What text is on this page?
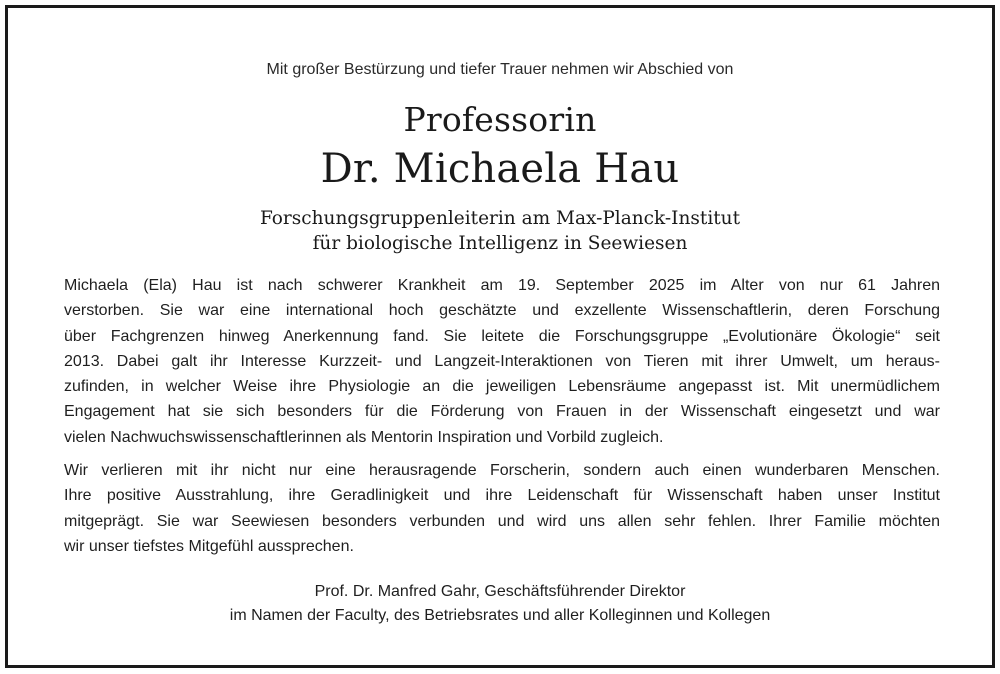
Mit großer Bestürzung und tiefer Trauer nehmen wir Abschied von
Professorin
Dr. Michaela Hau
Forschungsgruppenleiterin am Max-Planck-Institut
für biologische Intelligenz in Seewiesen
Michaela (Ela) Hau ist nach schwerer Krankheit am 19. September 2025 im Alter von nur 61 Jahren
verstorben. Sie war eine international hoch geschätzte und exzellente Wissenschaftlerin, deren Forschung
über Fachgrenzen hinweg Anerkennung fand. Sie leitete die Forschungsgruppe „Evolutionäre Ökologie“ seit
2013. Dabei galt ihr Interesse Kurzzeit- und Langzeit-Interaktionen von Tieren mit ihrer Umwelt, um heraus-
zufinden, in welcher Weise ihre Physiologie an die jeweiligen Lebensräume angepasst ist. Mit unermüdlichem
Engagement hat sie sich besonders für die Förderung von Frauen in der Wissenschaft eingesetzt und war
vielen Nachwuchswissenschaftlerinnen als Mentorin Inspiration und Vorbild zugleich.
Wir verlieren mit ihr nicht nur eine herausragende Forscherin, sondern auch einen wunderbaren Menschen.
Ihre positive Ausstrahlung, ihre Geradlinigkeit und ihre Leidenschaft für Wissenschaft haben unser Institut
mitgeprägt. Sie war Seewiesen besonders verbunden und wird uns allen sehr fehlen. Ihrer Familie möchten
wir unser tiefstes Mitgefühl aussprechen.
Prof. Dr. Manfred Gahr, Geschäftsführender Direktor
im Namen der Faculty, des Betriebsrates und aller Kolleginnen und Kollegen
